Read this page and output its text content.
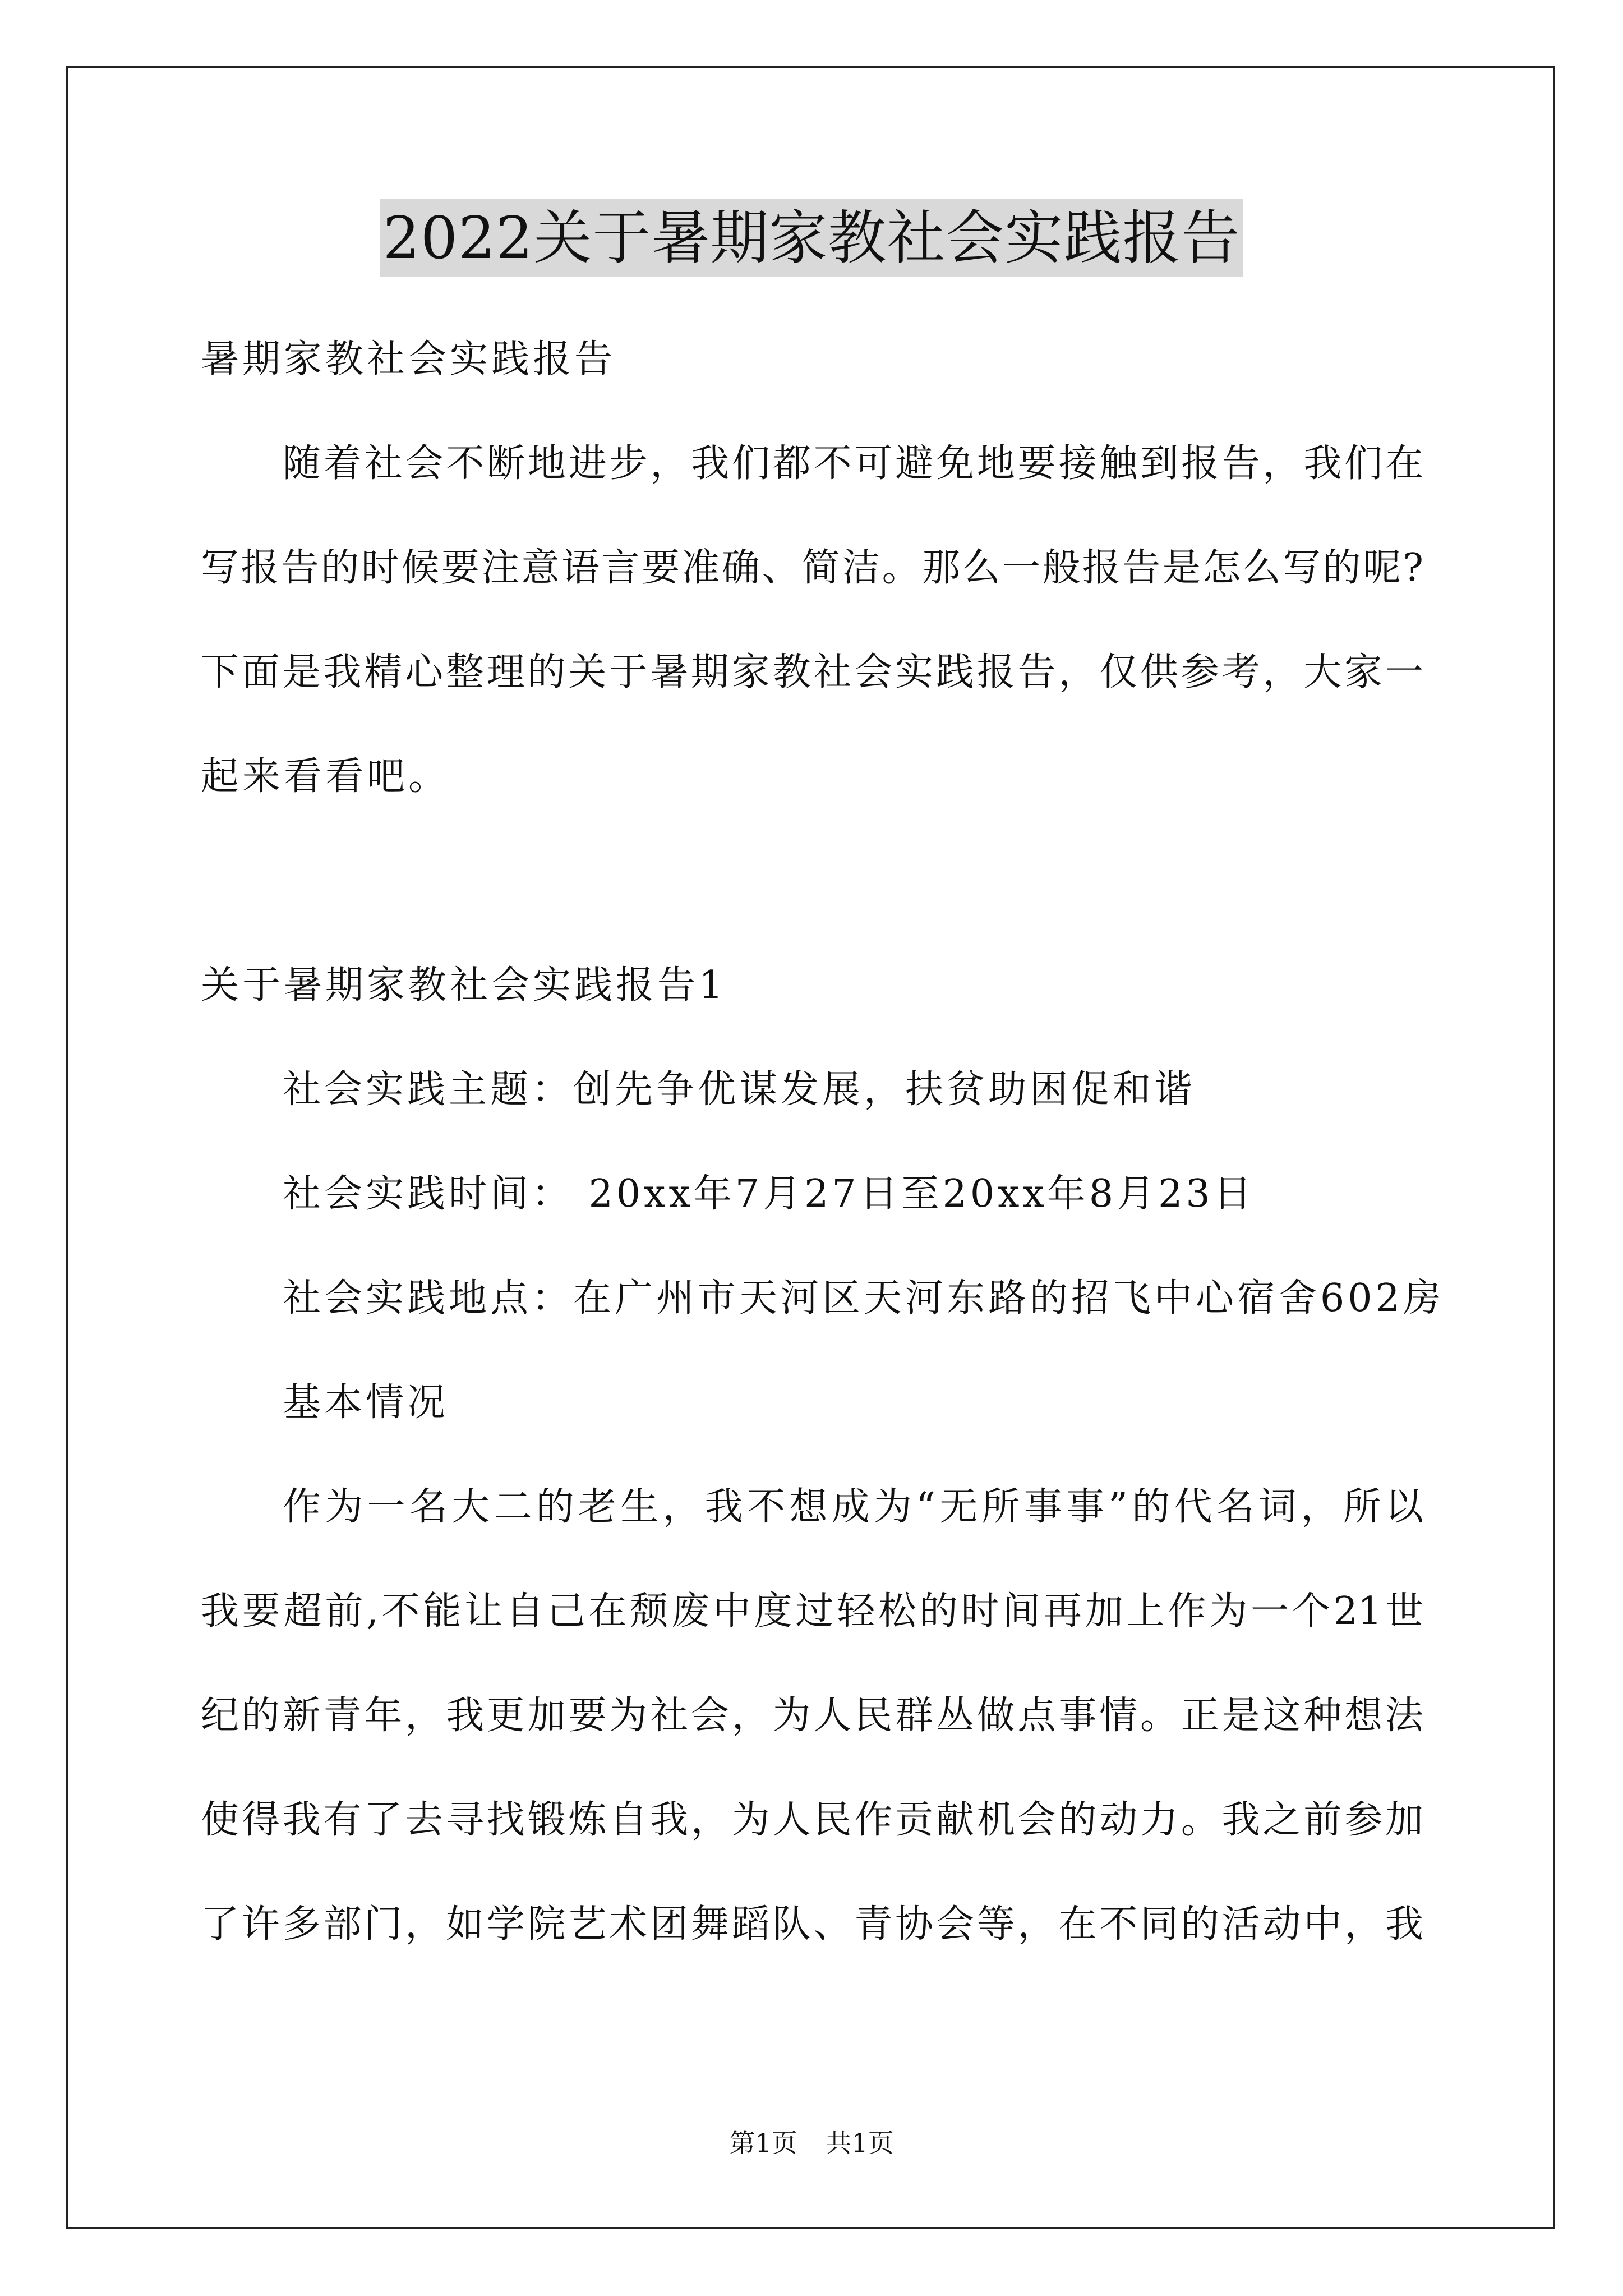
2022关于暑期家教社会实践报告
暑期家教社会实践报告
随着社会不断地进步，我们都不可避免地要接触到报告，我们在
写报告的时候要注意语言要准确、简洁。那么一般报告是怎么写的呢?
下面是我精心整理的关于暑期家教社会实践报告，仅供参考，大家一
起来看看吧。
关于暑期家教社会实践报告1
社会实践主题：创先争优谋发展，扶贫助困促和谐
社会实践时间： 20xx年7月27日至20xx年8月23日
社会实践地点：在广州市天河区天河东路的招飞中心宿舍602房
基本情况
作为一名大二的老生，我不想成为“无所事事”的代名词，所以
我要超前,不能让自己在颓废中度过轻松的时间再加上作为一个21世
纪的新青年，我更加要为社会，为人民群丛做点事情。正是这种想法
使得我有了去寻找锻炼自我，为人民作贡献机会的动力。我之前参加
了许多部门，如学院艺术团舞蹈队、青协会等，在不同的活动中，我
第1页 共1页
